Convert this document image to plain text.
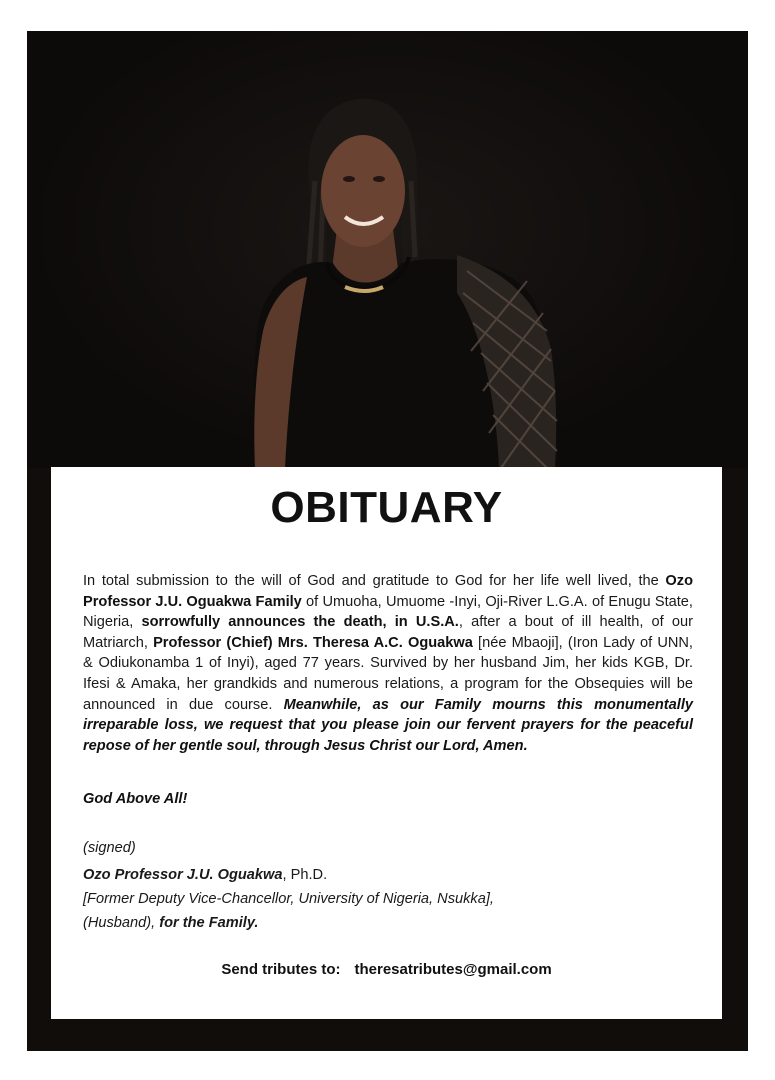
OBITUARY
In total submission to the will of God and gratitude to God for her life well lived, the Ozo Professor J.U. Oguakwa Family of Umuoha, Umuome -Inyi, Oji-River L.G.A. of Enugu State, Nigeria, sorrowfully announces the death, in U.S.A., after a bout of ill health, of our Matriarch, Professor (Chief) Mrs. Theresa A.C. Oguakwa [née Mbaoji], (Iron Lady of UNN, & Odiukonamba 1 of Inyi), aged 77 years. Survived by her husband Jim, her kids KGB, Dr. Ifesi & Amaka, her grandkids and numerous relations, a program for the Obsequies will be announced in due course. Meanwhile, as our Family mourns this monumentally irreparable loss, we request that you please join our fervent prayers for the peaceful repose of her gentle soul, through Jesus Christ our Lord, Amen.
God Above All!
(signed)
Ozo Professor J.U. Oguakwa, Ph.D.
[Former Deputy Vice-Chancellor, University of Nigeria, Nsukka],
(Husband), for the Family.
Send tributes to: theresatributes@gmail.com
